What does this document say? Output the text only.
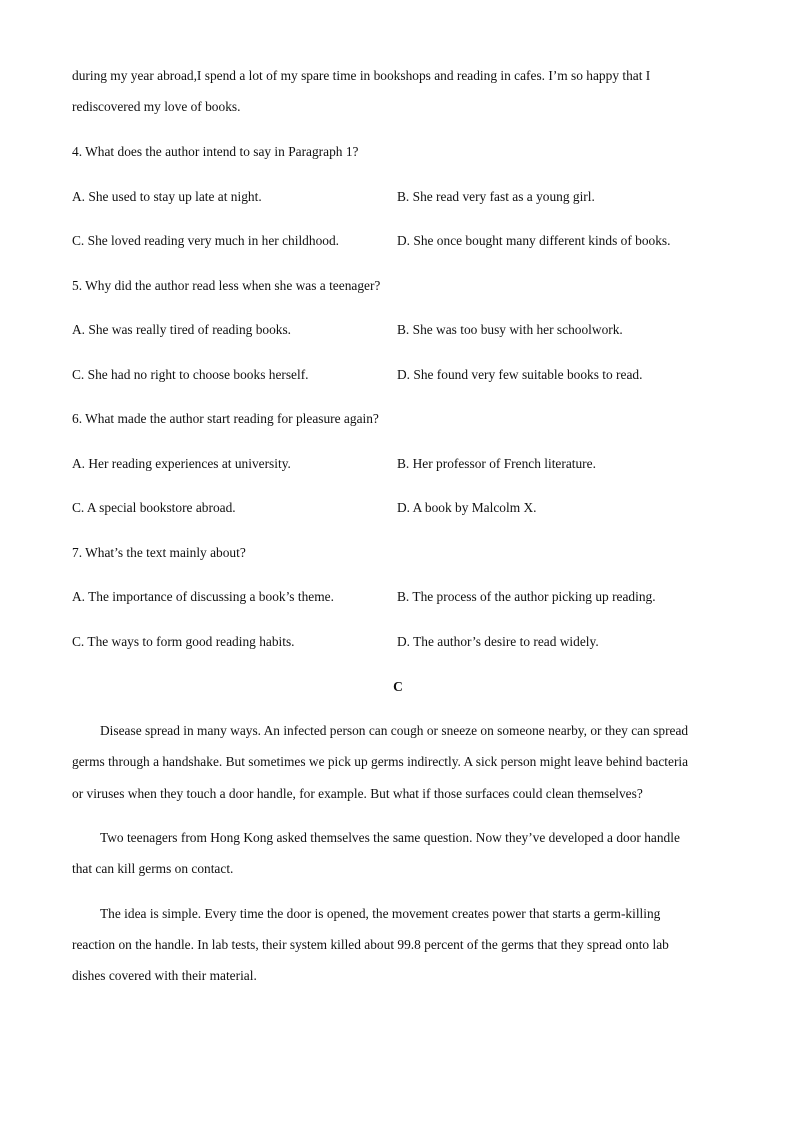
during my year abroad,I spend a lot of my spare time in bookshops and reading in cafes. I’m so happy that I
rediscovered my love of books.
4. What does the author intend to say in Paragraph 1?
A. She used to stay up late at night.	B. She read very fast as a young girl.
C. She loved reading very much in her childhood.	D. She once bought many different kinds of books.
5. Why did the author read less when she was a teenager?
A. She was really tired of reading books.	B. She was too busy with her schoolwork.
C. She had no right to choose books herself.	D. She found very few suitable books to read.
6. What made the author start reading for pleasure again?
A. Her reading experiences at university.	B. Her professor of French literature.
C. A special bookstore abroad.	D. A book by Malcolm X.
7. What’s the text mainly about?
A. The importance of discussing a book’s theme.	B. The process of the author picking up reading.
C. The ways to form good reading habits.	D. The author’s desire to read widely.
C
Disease spread in many ways. An infected person can cough or sneeze on someone nearby, or they can spread
germs through a handshake. But sometimes we pick up germs indirectly. A sick person might leave behind bacteria
or viruses when they touch a door handle, for example. But what if those surfaces could clean themselves?
Two teenagers from Hong Kong asked themselves the same question. Now they’ve developed a door handle
that can kill germs on contact.
The idea is simple. Every time the door is opened, the movement creates power that starts a germ-killing
reaction on the handle. In lab tests, their system killed about 99.8 percent of the germs that they spread onto lab
dishes covered with their material.
